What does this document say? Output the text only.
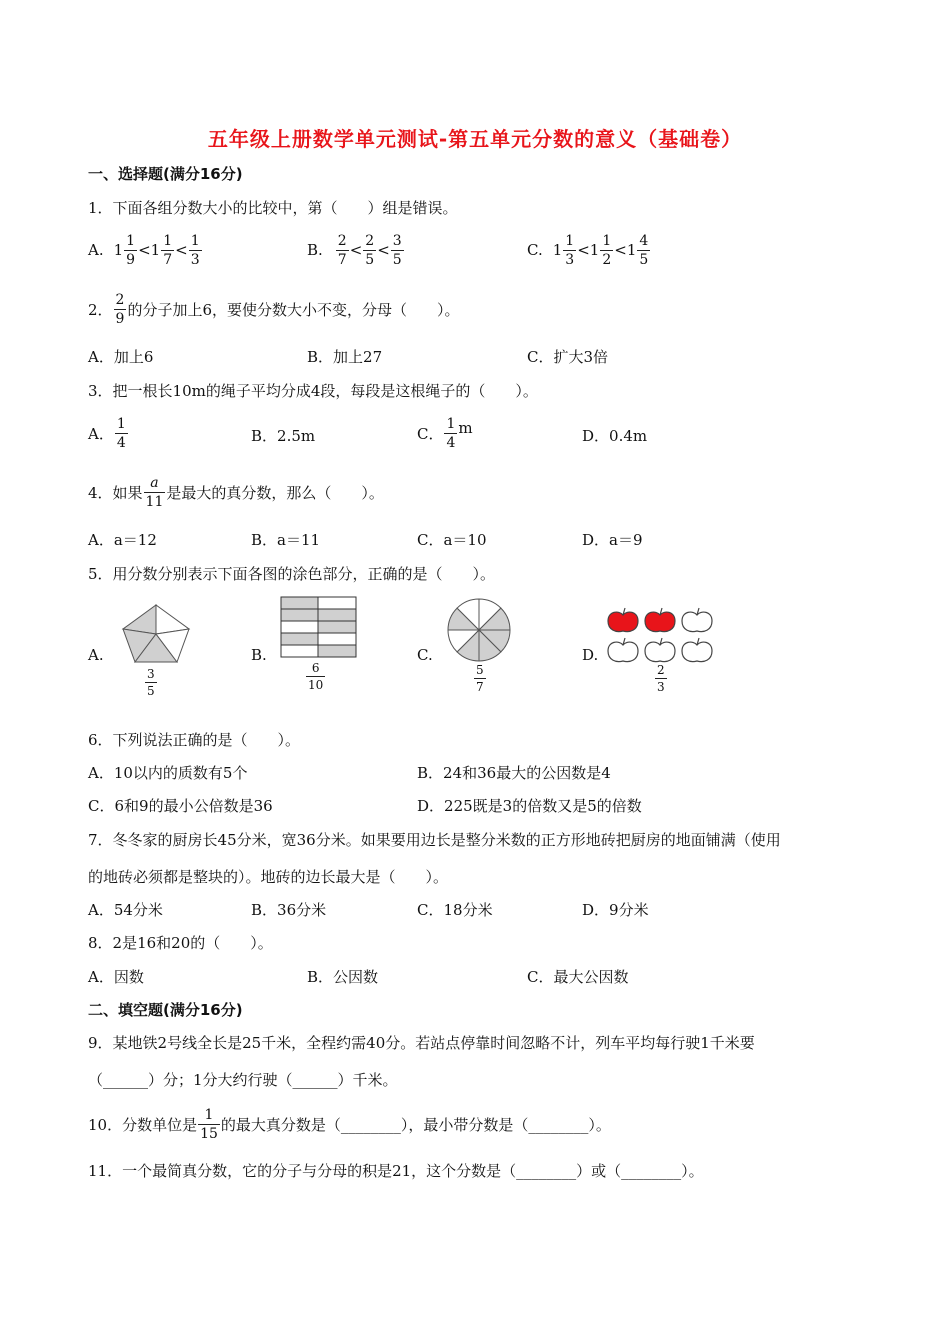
五年级上册数学单元测试-第五单元分数的意义（基础卷）
一、选择题(满分16分)
1．下面各组分数大小的比较中，第（　　）组是错误。
A. $1 \frac{1}{9} < 1 \frac{1}{7} < \frac{1}{3}$	B. $\frac{2}{7} < \frac{2}{5} < \frac{3}{5}$	C. $1 \frac{1}{3} < 1 \frac{1}{2} < 1 \frac{4}{5}$
2． $\frac{2}{9}$ 的分子加上6，要使分数大小不变，分母（　　）。
A．加上6	B．加上27	C．扩大3倍
3．把一根长10m的绳子平均分成4段，每段是这根绳子的（　　）。
A． $\frac{1}{4}$	B．2.5m	C． $\frac{1}{4}$ m	D．0.4m
4．如果 $\frac{a}{11}$ 是最大的真分数，那么（　　）。
A．a＝12	B．a＝11	C．a＝10	D．a＝9
5．用分数分别表示下面各图的涂色部分，正确的是（　　）。
A.
$\frac{3}{5}$
B.
$\frac{6}{10}$
C.
$\frac{5}{7}$
D.
$\frac{2}{3}$
6．下列说法正确的是（　　）。
A．10以内的质数有5个	B．24和36最大的公因数是4
C．6和9的最小公倍数是36	D．225既是3的倍数又是5的倍数
7．冬冬家的厨房长45分米，宽36分米。如果要用边长是整分米数的正方形地砖把厨房的地面铺满（使用
的地砖必须都是整块的）。地砖的边长最大是（　　）。
A．54分米	B．36分米	C．18分米	D．9分米
8．2是16和20的（　　）。
A．因数	B．公因数	C．最大公因数
二、填空题(满分16分)
9．某地铁2号线全长是25千米，全程约需40分。若站点停靠时间忽略不计，列车平均每行驶1千米要
（______）分；1分大约行驶（______）千米。
10．分数单位是 $\frac{1}{15}$ 的最大真分数是（________），最小带分数是（________）。
11．一个最简真分数，它的分子与分母的积是21，这个分数是（________）或（________）。
